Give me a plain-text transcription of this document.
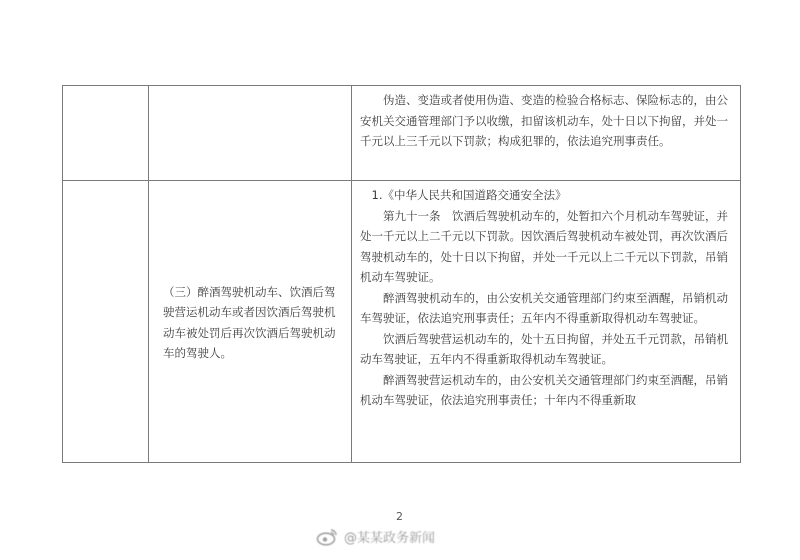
		伪造、变造或者使用伪造、变造的检验合格标志、保险标志的，由公安机关交通管理部门予以收缴，扣留该机动车，处十日以下拘留，并处一千元以上三千元以下罚款；构成犯罪的，依法追究刑事责任。

	（三）醉酒驾驶机动车、饮酒后驾驶营运机动车或者因饮酒后驾驶机动车被处罚后再次饮酒后驾驶机动车的驾驶人。	1.《中华人民共和国道路交通安全法》

第九十一条　饮酒后驾驶机动车的，处暂扣六个月机动车驾驶证，并处一千元以上二千元以下罚款。因饮酒后驾驶机动车被处罚，再次饮酒后驾驶机动车的，处十日以下拘留，并处一千元以上二千元以下罚款，吊销机动车驾驶证。

醉酒驾驶机动车的，由公安机关交通管理部门约束至酒醒，吊销机动车驾驶证，依法追究刑事责任；五年内不得重新取得机动车驾驶证。

饮酒后驾驶营运机动车的，处十五日拘留，并处五千元罚款，吊销机动车驾驶证，五年内不得重新取得机动车驾驶证。

醉酒驾驶营运机动车的，由公安机关交通管理部门约束至酒醒，吊销机动车驾驶证，依法追究刑事责任；十年内不得重新取

2
@某某政务新闻
